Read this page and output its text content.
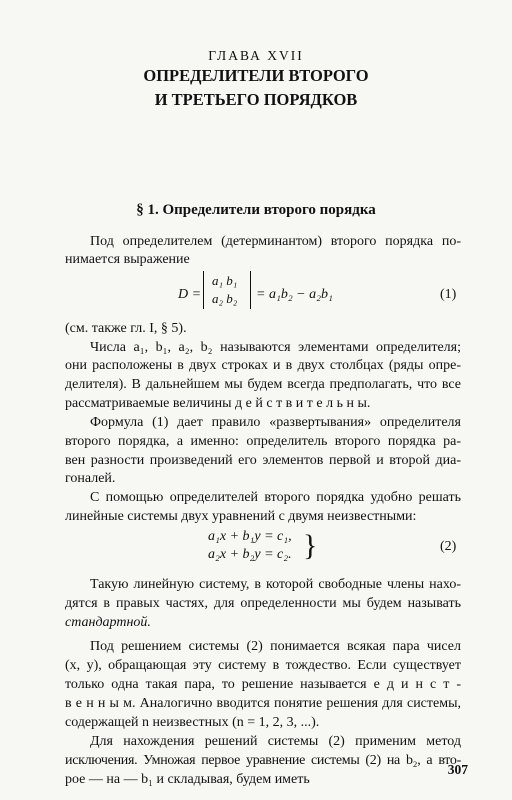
ГЛАВА XVII
ОПРЕДЕЛИТЕЛИ ВТОРОГО
И ТРЕТЬЕГО ПОРЯДКОВ
§ 1. Определители второго порядка
Под определителем (детерминантом) второго порядка по-
нимается выражение
D =
a₁ b₁
a₂ b₂ = a₁b₂ − a₂b₁	(1)
(см. также гл. I, § 5).
Числа a₁, b₁, a₂, b₂ называются элементами определителя;
они расположены в двух строках и в двух столбцах (ряды опре-
делителя). В дальнейшем мы будем всегда предполагать, что все
рассматриваемые величины д е й с т в и т е л ь н ы.
Формула (1) дает правило «развертывания» определителя
второго порядка, а именно: определитель второго порядка ра-
вен разности произведений его элементов первой и второй диа-
гоналей.
С помощью определителей второго порядка удобно решать
линейные системы двух уравнений с двумя неизвестными:
a₁x + b₁y = c₁,
a₂x + b₂y = c₂. }	(2)
Такую линейную систему, в которой свободные члены нахо-
дятся в правых частях, для определенности мы будем называть
стандартной.
Под решением системы (2) понимается всякая пара чисел
(x, y), обращающая эту систему в тождество. Если существует
только одна такая пара, то решение называется е д и н с т -
в е н н ы м. Аналогично вводится понятие решения для системы,
содержащей n неизвестных (n = 1, 2, 3, ...).
Для нахождения решений системы (2) применим метод
исключения. Умножая первое уравнение системы (2) на b₂, а вто-
рое — на — b₁ и складывая, будем иметь
307
